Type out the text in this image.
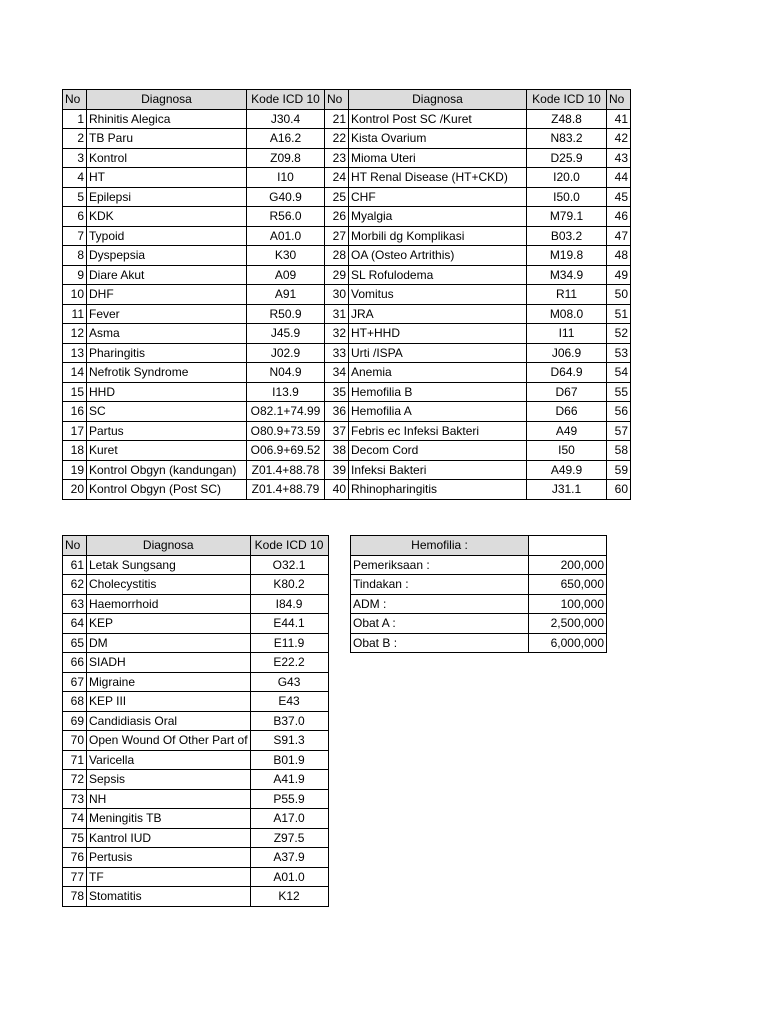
No	Diagnosa	Kode ICD 10	No	Diagnosa	Kode ICD 10	No
1	Rhinitis Alegica	J30.4	21	Kontrol Post SC /Kuret	Z48.8	41
2	TB Paru	A16.2	22	Kista Ovarium	N83.2	42
3	Kontrol	Z09.8	23	Mioma Uteri	D25.9	43
4	HT	I10	24	HT Renal Disease (HT+CKD)	I20.0	44
5	Epilepsi	G40.9	25	CHF	I50.0	45
6	KDK	R56.0	26	Myalgia	M79.1	46
7	Typoid	A01.0	27	Morbili dg Komplikasi	B03.2	47
8	Dyspepsia	K30	28	OA (Osteo Artrithis)	M19.8	48
9	Diare Akut	A09	29	SL Rofulodema	M34.9	49
10	DHF	A91	30	Vomitus	R11	50
11	Fever	R50.9	31	JRA	M08.0	51
12	Asma	J45.9	32	HT+HHD	I11	52
13	Pharingitis	J02.9	33	Urti /ISPA	J06.9	53
14	Nefrotik Syndrome	N04.9	34	Anemia	D64.9	54
15	HHD	I13.9	35	Hemofilia B	D67	55
16	SC	O82.1+74.99	36	Hemofilia A	D66	56
17	Partus	O80.9+73.59	37	Febris ec Infeksi Bakteri	A49	57
18	Kuret	O06.9+69.52	38	Decom Cord	I50	58
19	Kontrol Obgyn (kandungan)	Z01.4+88.78	39	Infeksi Bakteri	A49.9	59
20	Kontrol Obgyn (Post SC)	Z01.4+88.79	40	Rhinopharingitis	J31.1	60
No	Diagnosa	Kode ICD 10
61	Letak Sungsang	O32.1
62	Cholecystitis	K80.2
63	Haemorrhoid	I84.9
64	KEP	E44.1
65	DM	E11.9
66	SIADH	E22.2
67	Migraine	G43
68	KEP III	E43
69	Candidiasis Oral	B37.0
70	Open Wound Of Other Part of	S91.3
71	Varicella	B01.9
72	Sepsis	A41.9
73	NH	P55.9
74	Meningitis TB	A17.0
75	Kantrol IUD	Z97.5
76	Pertusis	A37.9
77	TF	A01.0
78	Stomatitis	K12
Hemofilia :	
Pemeriksaan :	200,000
Tindakan :	650,000
ADM :	100,000
Obat A :	2,500,000
Obat B :	6,000,000
